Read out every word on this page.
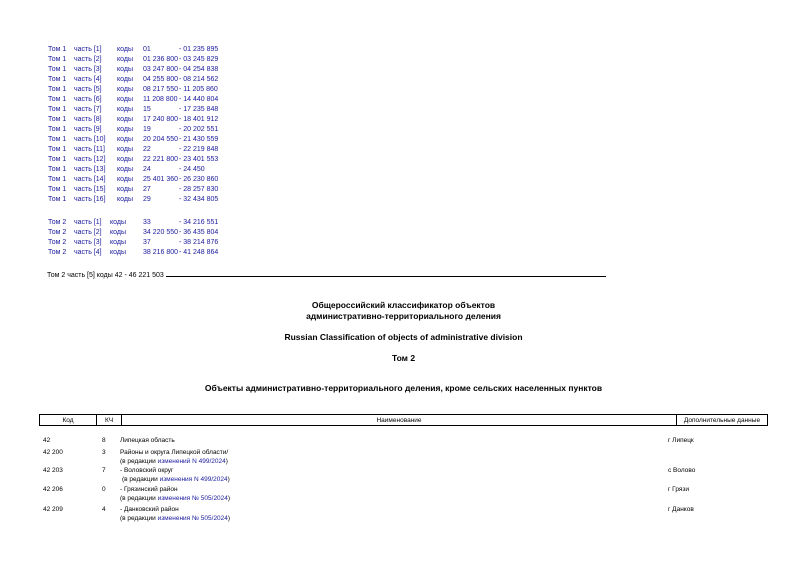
Том 1 часть [1] коды 01	- 01 235 895
Том 1 часть [2] коды 01 236 800 - 03 245 829
Том 1 часть [3] коды 03 247 800 - 04 254 838
Том 1 часть [4] коды 04 255 800 - 08 214 562
Том 1 часть [5] коды 08 217 550 - 11 205 860
Том 1 часть [6] коды 11 208 800 - 14 440 804
Том 1 часть [7] коды 15	- 17 235 848
Том 1 часть [8] коды 17 240 800 - 18 401 912
Том 1 часть [9] коды 19	- 20 202 551
Том 1 часть [10] коды 20 204 550 - 21 430 559
Том 1 часть [11] коды 22	- 22 219 848
Том 1 часть [12] коды 22 221 800 - 23 401 553
Том 1 часть [13] коды 24	- 24 450
Том 1 часть [14] коды 25 401 360 - 26 230 860
Том 1 часть [15] коды 27	- 28 257 830
Том 1 часть [16] коды 29	- 32 434 805
Том 2 часть [1] коды 33	- 34 216 551
Том 2 часть [2] коды 34 220 550 - 36 435 804
Том 2 часть [3] коды 37	- 38 214 876
Том 2 часть [4] коды 38 216 800 - 41 248 864
Том 2 часть [5] коды 42 - 46 221 503
Общероссийский классификатор объектов
административно-территориального деления
Russian Classification of objects of administrative division
Том 2
Объекты административно-территориального деления, кроме сельских населенных пунктов
Код	КЧ	Наименование	Дополнительные данные
42	8 Липецкая область	г Липецк
42 200	3 Районы и округа Липецкой области/
(в редакции изменений N 499/2024)
42 203	7 - Воловский округ	с Волово
(в редакции изменения N 499/2024)
42 206	0 - Грязинский район	г Грязи
(в редакции изменения № 505/2024)
42 209	4 - Данковский район	г Данков
(в редакции изменения № 505/2024)
